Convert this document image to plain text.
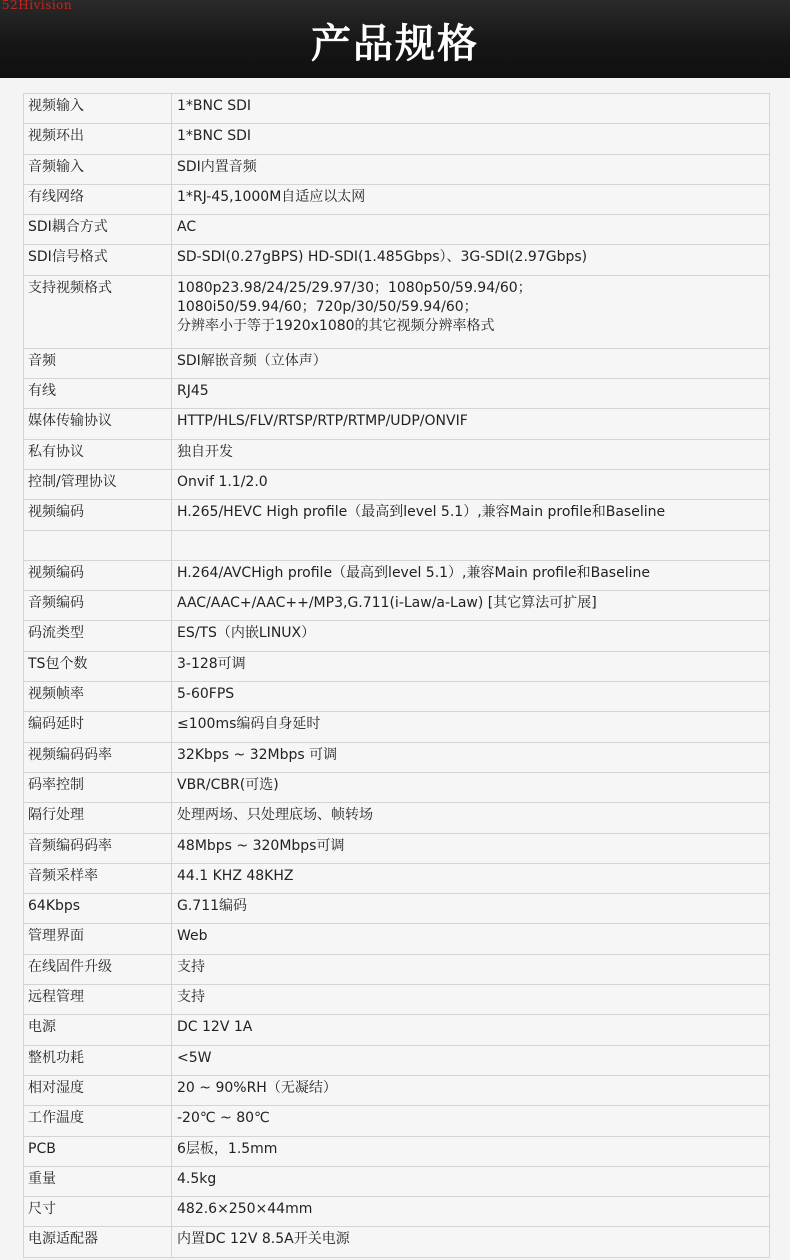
52Hivision
产品规格
视频输入	1*BNC SDI

视频环出	1*BNC SDI

音频输入	SDI内置音频

有线网络	1*RJ-45,1000M自适应以太网

SDI耦合方式	AC

SDI信号格式	SD-SDI(0.27gBPS) HD-SDI(1.485Gbps）、3G-SDI(2.97Gbps)

支持视频格式	1080p23.98/24/25/29.97/30；1080p50/59.94/60；
1080i50/59.94/60；720p/30/50/59.94/60；
分辨率小于等于1920x1080的其它视频分辨率格式

音频	SDI解嵌音频（立体声）

有线	RJ45

媒体传输协议	HTTP/HLS/FLV/RTSP/RTP/RTMP/UDP/ONVIF

私有协议	独自开发

控制/管理协议	Onvif 1.1/2.0

视频编码	H.265/HEVC High profile（最高到level 5.1）,兼容Main profile和Baseline

视频编码	H.264/AVCHigh profile（最高到level 5.1）,兼容Main profile和Baseline

音频编码	AAC/AAC+/AAC++/MP3,G.711(i-Law/a-Law) [其它算法可扩展]

码流类型	ES/TS（内嵌LINUX）

TS包个数	3-128可调

视频帧率	5-60FPS

编码延时	≤100ms编码自身延时

视频编码码率	32Kbps ~ 32Mbps 可调

码率控制	VBR/CBR(可选)

隔行处理	处理两场、只处理底场、帧转场

音频编码码率	48Mbps ~ 320Mbps可调

音频采样率	44.1 KHZ 48KHZ

64Kbps	G.711编码

管理界面	Web

在线固件升级	支持

远程管理	支持

电源	DC 12V 1A

整机功耗	<5W

相对湿度	20 ~ 90%RH（无凝结）

工作温度	-20℃ ~ 80℃

PCB	6层板，1.5mm

重量	4.5kg

尺寸	482.6×250×44mm

电源适配器	内置DC 12V 8.5A开关电源
